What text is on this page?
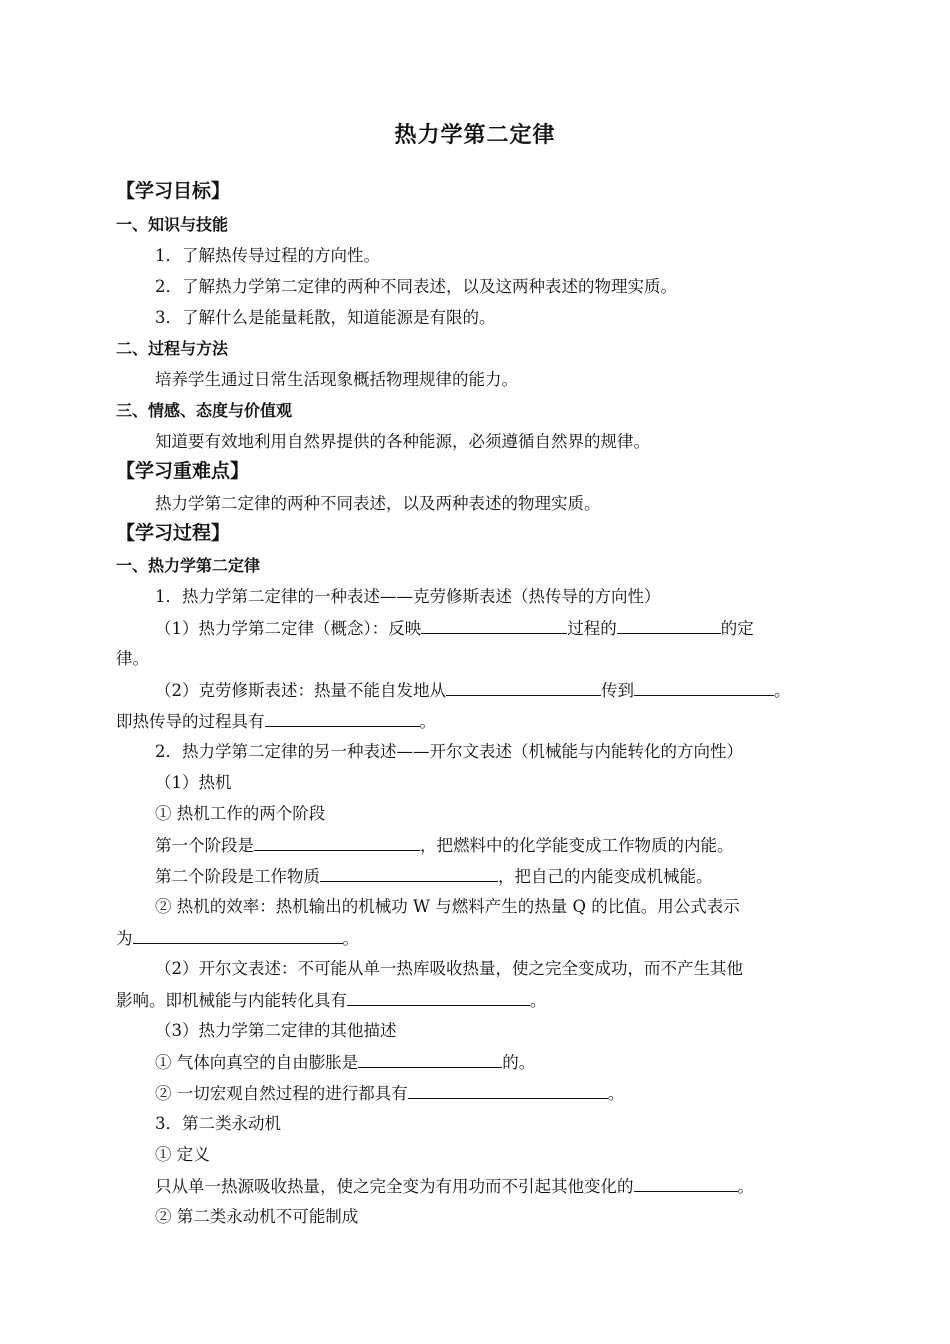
热力学第二定律
【学习目标】
一、知识与技能
1．了解热传导过程的方向性。
2．了解热力学第二定律的两种不同表述，以及这两种表述的物理实质。
3．了解什么是能量耗散，知道能源是有限的。
二、过程与方法
培养学生通过日常生活现象概括物理规律的能力。
三、情感、态度与价值观
知道要有效地利用自然界提供的各种能源，必须遵循自然界的规律。
【学习重难点】
热力学第二定律的两种不同表述，以及两种表述的物理实质。
【学习过程】
一、热力学第二定律
1．热力学第二定律的一种表述——克劳修斯表述（热传导的方向性）
（1）热力学第二定律（概念）：反映	过程的	的定
律。
（2）克劳修斯表述：热量不能自发地从	传到	。
即热传导的过程具有	。
2．热力学第二定律的另一种表述——开尔文表述（机械能与内能转化的方向性）
（1）热机
① 热机工作的两个阶段
第一个阶段是	，把燃料中的化学能变成工作物质的内能。
第二个阶段是工作物质	，把自己的内能变成机械能。
② 热机的效率：热机输出的机械功 W 与燃料产生的热量 Q 的比值。用公式表示
为	。
（2）开尔文表述：不可能从单一热库吸收热量，使之完全变成功，而不产生其他
影响。即机械能与内能转化具有	。
（3）热力学第二定律的其他描述
① 气体向真空的自由膨胀是	的。
② 一切宏观自然过程的进行都具有	。
3．第二类永动机
① 定义
只从单一热源吸收热量，使之完全变为有用功而不引起其他变化的	。
② 第二类永动机不可能制成
